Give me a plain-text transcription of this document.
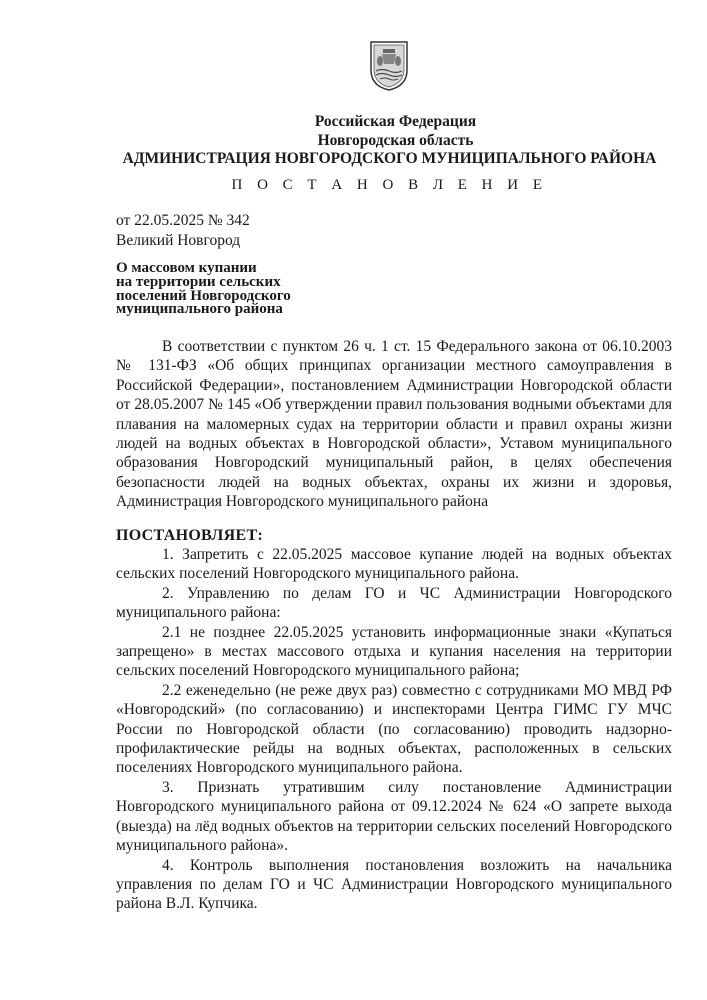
Российская Федерация
Новгородская область
АДМИНИСТРАЦИЯ НОВГОРОДСКОГО МУНИЦИПАЛЬНОГО РАЙОНА
П О С Т А Н О В Л Е Н И Е
от 22.05.2025 № 342
Великий Новгород
О массовом купании
на территории сельских
поселений Новгородского
муниципального района

В соответствии с пунктом 26 ч. 1 ст. 15 Федерального закона от 06.10.2003 № 131-ФЗ «Об общих принципах организации местного самоуправления в Российской Федерации», постановлением Администрации Новгородской области от 28.05.2007 № 145 «Об утверждении правил пользования водными объектами для плавания на маломерных судах на территории области и правил охраны жизни людей на водных объектах в Новгородской области», Уставом муниципального образования Новгородский муниципальный район, в целях обеспечения безопасности людей на водных объектах, охраны их жизни и здоровья, Администрация Новгородского муниципального района

ПОСТАНОВЛЯЕТ:

1. Запретить с 22.05.2025 массовое купание людей на водных объектах сельских поселений Новгородского муниципального района.

2. Управлению по делам ГО и ЧС Администрации Новгородского муниципального района:

2.1 не позднее 22.05.2025 установить информационные знаки «Купаться запрещено» в местах массового отдыха и купания населения на территории сельских поселений Новгородского муниципального района;

2.2 еженедельно (не реже двух раз) совместно с сотрудниками МО МВД РФ «Новгородский» (по согласованию) и инспекторами Центра ГИМС ГУ МЧС России по Новгородской области (по согласованию) проводить надзорно-профилактические рейды на водных объектах, расположенных в сельских поселениях Новгородского муниципального района.

3. Признать утратившим силу постановление Администрации Новгородского муниципального района от 09.12.2024 № 624 «О запрете выхода (выезда) на лёд водных объектов на территории сельских поселений Новгородского муниципального района».

4. Контроль выполнения постановления возложить на начальника управления по делам ГО и ЧС Администрации Новгородского муниципального района В.Л. Купчика.
